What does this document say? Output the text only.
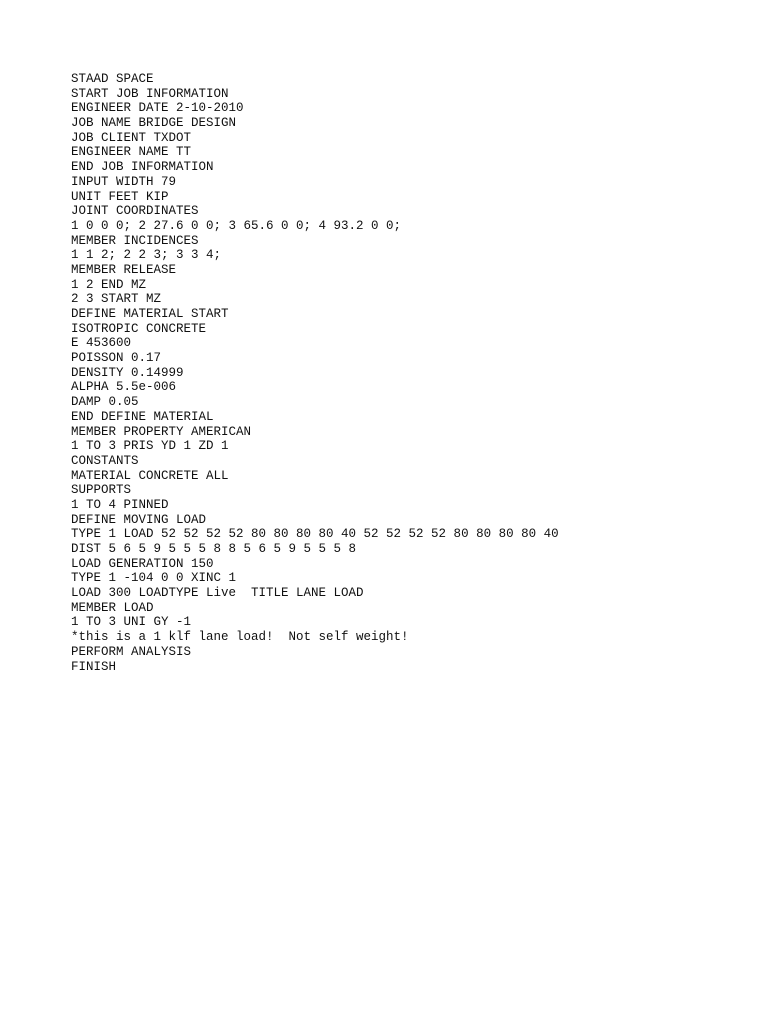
STAAD SPACE
START JOB INFORMATION
ENGINEER DATE 2-10-2010
JOB NAME BRIDGE DESIGN
JOB CLIENT TXDOT
ENGINEER NAME TT
END JOB INFORMATION
INPUT WIDTH 79
UNIT FEET KIP
JOINT COORDINATES
1 0 0 0; 2 27.6 0 0; 3 65.6 0 0; 4 93.2 0 0;
MEMBER INCIDENCES
1 1 2; 2 2 3; 3 3 4;
MEMBER RELEASE
1 2 END MZ
2 3 START MZ
DEFINE MATERIAL START
ISOTROPIC CONCRETE
E 453600
POISSON 0.17
DENSITY 0.14999
ALPHA 5.5e-006
DAMP 0.05
END DEFINE MATERIAL
MEMBER PROPERTY AMERICAN
1 TO 3 PRIS YD 1 ZD 1
CONSTANTS
MATERIAL CONCRETE ALL
SUPPORTS
1 TO 4 PINNED
DEFINE MOVING LOAD
TYPE 1 LOAD 52 52 52 52 80 80 80 80 40 52 52 52 52 80 80 80 80 40
DIST 5 6 5 9 5 5 5 8 8 5 6 5 9 5 5 5 8
LOAD GENERATION 150
TYPE 1 -104 0 0 XINC 1
LOAD 300 LOADTYPE Live  TITLE LANE LOAD
MEMBER LOAD
1 TO 3 UNI GY -1
*this is a 1 klf lane load!  Not self weight!
PERFORM ANALYSIS
FINISH
